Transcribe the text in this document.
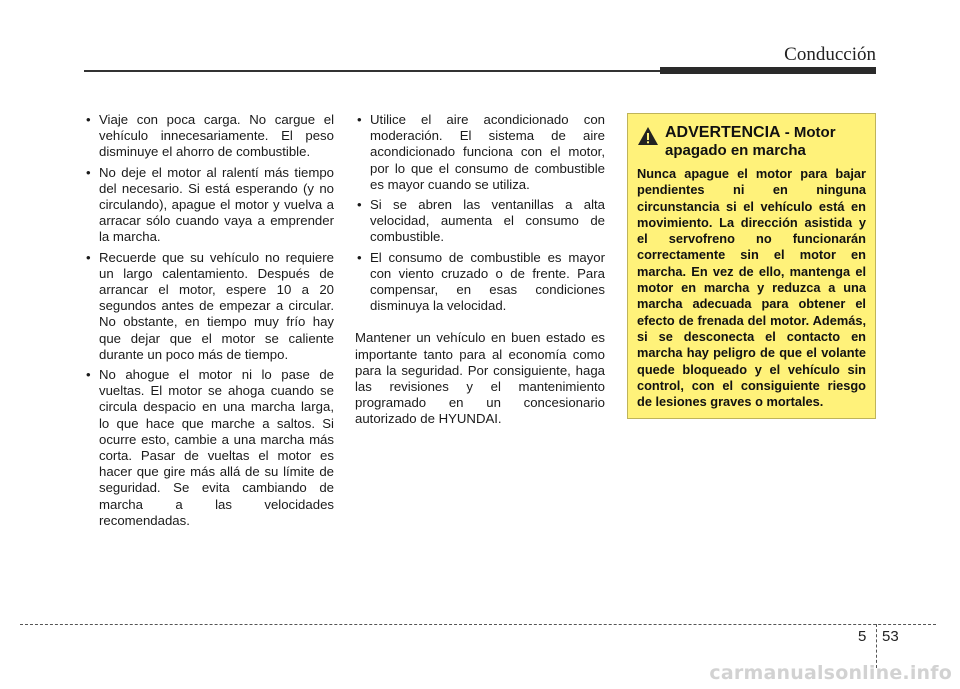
Conducción
• Viaje con poca carga. No cargue el vehículo innecesariamente. El peso disminuye el ahorro de combustible.
• No deje el motor al ralentí más tiempo del necesario. Si está esperando (y no circulando), apague el motor y vuelva a arracar sólo cuando vaya a emprender la marcha.
• Recuerde que su vehículo no requiere un largo calentamiento. Después de arrancar el motor, espere 10 a 20 segundos antes de empezar a circular. No obstante, en tiempo muy frío hay que dejar que el motor se caliente durante un poco más de tiempo.
• No ahogue el motor ni lo pase de vueltas. El motor se ahoga cuando se circula despacio en una marcha larga, lo que hace que marche a saltos. Si ocurre esto, cambie a una marcha más corta. Pasar de vueltas el motor es hacer que gire más allá de su límite de seguridad. Se evita cambiando de marcha a las velocidades recomendadas.
• Utilice el aire acondicionado con moderación. El sistema de aire acondicionado funciona con el motor, por lo que el consumo de combustible es mayor cuando se utiliza.
• Si se abren las ventanillas a alta velocidad, aumenta el consumo de combustible.
• El consumo de combustible es mayor con viento cruzado o de frente. Para compensar, en esas condiciones disminuya la velocidad.
Mantener un vehículo en buen estado es importante tanto para al economía como para la seguridad. Por consiguiente, haga las revisiones y el mantenimiento programado en un concesionario autorizado de HYUNDAI.
ADVERTENCIA - Motor apagado en marcha
Nunca apague el motor para bajar pendientes ni en ninguna circunstancia si el vehículo está en movimiento. La dirección asistida y el servofreno no funcionarán correctamente sin el motor en marcha. En vez de ello, mantenga el motor en marcha y reduzca a una marcha adecuada para obtener el efecto de frenada del motor. Además, si se desconecta el contacto en marcha hay peligro de que el volante quede bloqueado y el vehículo sin control, con el consiguiente riesgo de lesiones graves o mortales.
5 53
carmanualsonline.info
